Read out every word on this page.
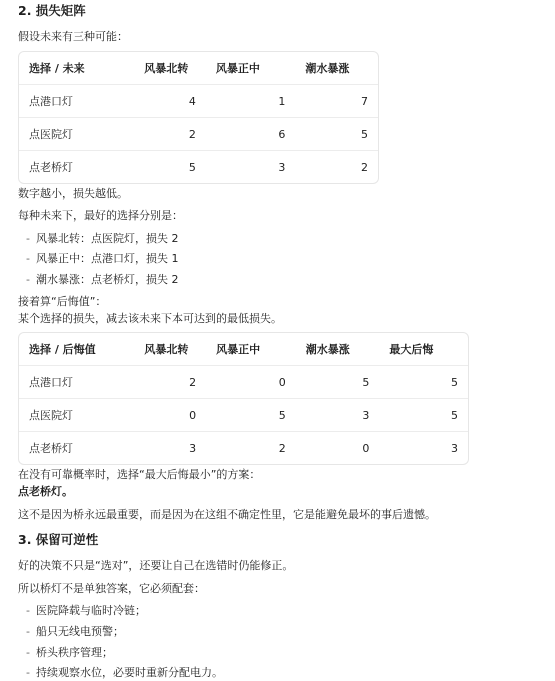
2. 损失矩阵
假设未来有三种可能：
选择 / 未来	风暴北转	风暴正中	潮水暴涨
点港口灯	4	1	7
点医院灯	2	6	5
点老桥灯	5	3	2
数字越小，损失越低。
每种未来下，最好的选择分别是：
- 风暴北转：点医院灯，损失 2
- 风暴正中：点港口灯，损失 1
- 潮水暴涨：点老桥灯，损失 2
接着算“后悔值”：
某个选择的损失，减去该未来下本可达到的最低损失。
选择 / 后悔值	风暴北转	风暴正中	潮水暴涨	最大后悔
点港口灯	2	0	5	5
点医院灯	0	5	3	5
点老桥灯	3	2	0	3
在没有可靠概率时，选择“最大后悔最小”的方案：
点老桥灯。
这不是因为桥永远最重要，而是因为在这组不确定性里，它是能避免最坏的事后遗憾。
3. 保留可逆性
好的决策不只是“选对”，还要让自己在选错时仍能修正。
所以桥灯不是单独答案，它必须配套：
- 医院降载与临时冷链；
- 船只无线电预警；
- 桥头秩序管理；
- 持续观察水位，必要时重新分配电力。
